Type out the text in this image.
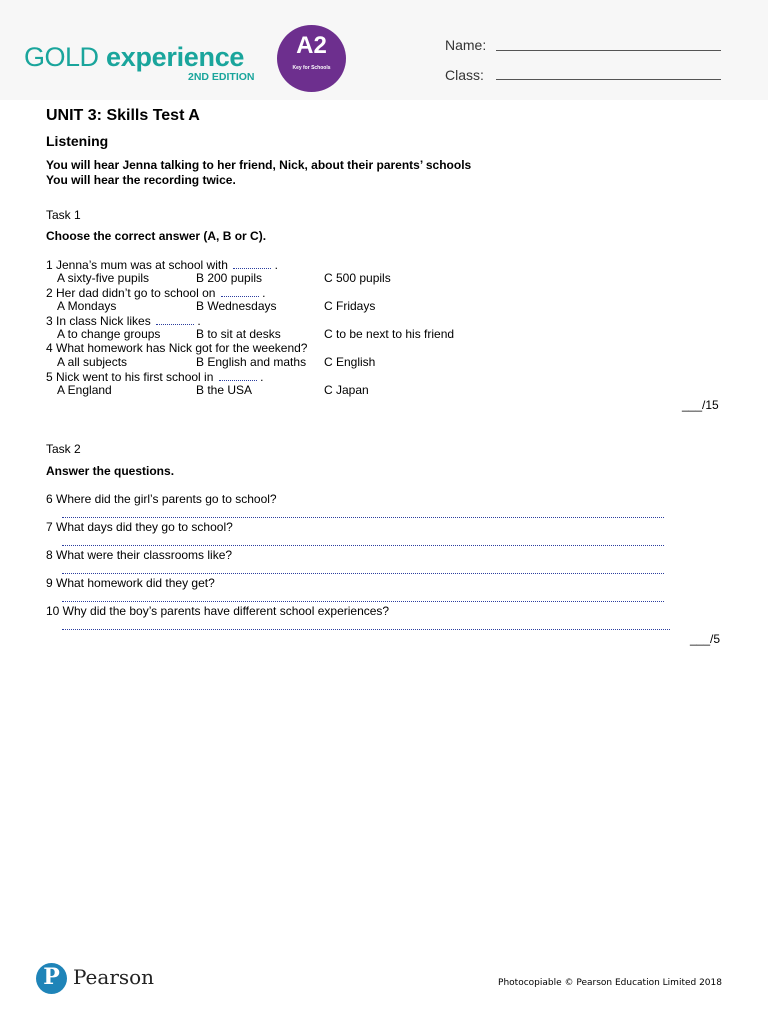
GOLD experience
2ND EDITION
A2
Key for Schools
Name:
Class:
UNIT 3: Skills Test A
Listening
You will hear Jenna talking to her friend, Nick, about their parents’ schools
You will hear the recording twice.
Task 1
Choose the correct answer (A, B or C).
1 Jenna’s mum was at school with	.
A sixty-five pupils	B 200 pupils	C 500 pupils
2 Her dad didn’t go to school on	.
A Mondays	B Wednesdays	C Fridays
3 In class Nick likes	.
A to change groups	B to sit at desks	C to be next to his friend
4 What homework has Nick got for the weekend?
A all subjects	B English and maths C English
5 Nick went to his first school in	.
A England	B the USA	C Japan
___/15
Task 2
Answer the questions.
6 Where did the girl’s parents go to school?
7 What days did they go to school?
8 What were their classrooms like?
9 What homework did they get?
10 Why did the boy’s parents have different school experiences?
___/5
P Pearson	Photocopiable © Pearson Education Limited 2018
